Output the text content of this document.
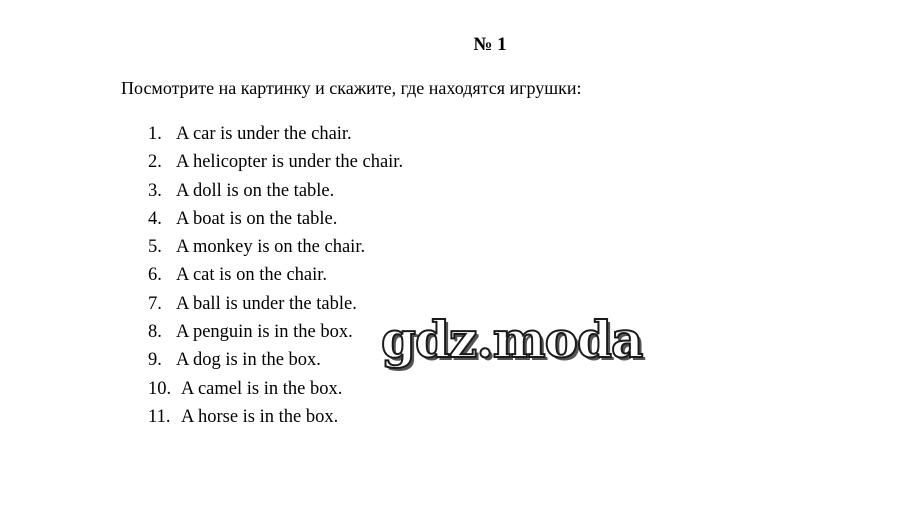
№ 1
Посмотрите на картинку и скажите, где находятся игрушки:
1. A car is under the chair.
2. A helicopter is under the chair.
3. A doll is on the table.
4. A boat is on the table.
5. A monkey is on the chair.
6. A cat is on the chair.
7. A ball is under the table.
8. A penguin is in the box.
9. A dog is in the box.
10. A camel is in the box.
11. A horse is in the box.
gdz.moda
